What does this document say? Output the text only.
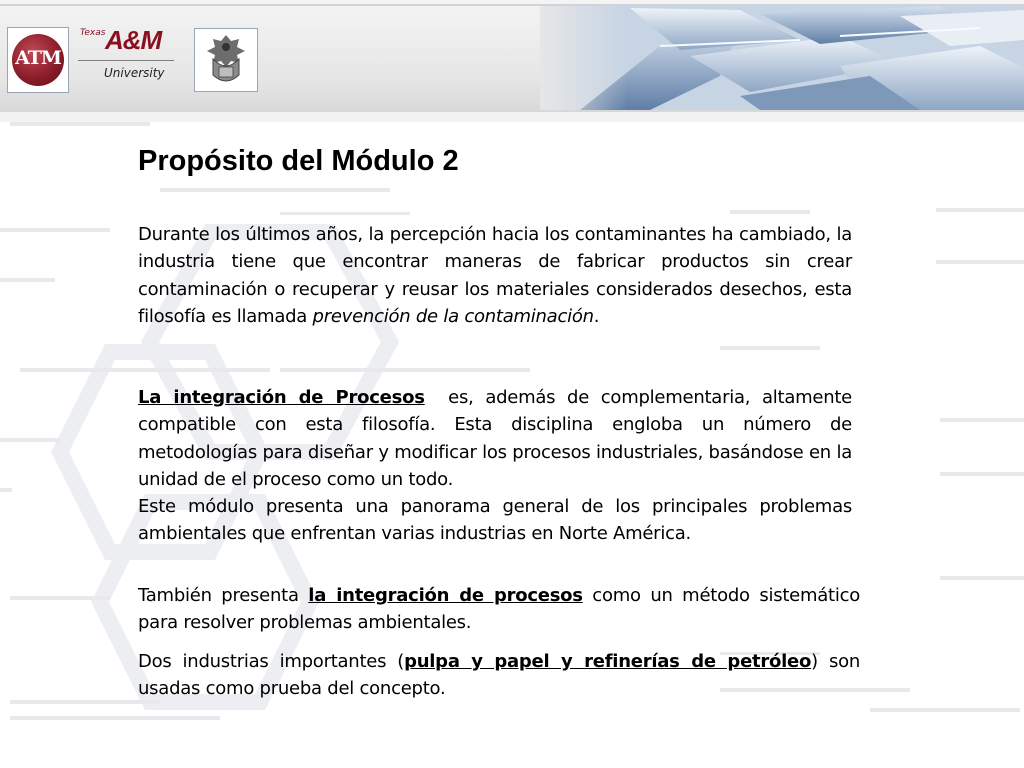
ATM
Texas A&M
University
Propósito del Módulo 2

Durante los últimos años, la percepción hacia los contaminantes ha cambiado, la industria tiene que encontrar maneras de fabricar productos sin crear contaminación o recuperar y reusar los materiales considerados desechos, esta filosofía es llamada prevención de la contaminación.

La integración de Procesos  es, además de complementaria, altamente compatible con esta filosofía. Esta disciplina engloba un número de metodologías para diseñar y modificar los procesos industriales, basándose en la unidad de el proceso como un todo.

Este módulo presenta una panorama general de los principales problemas ambientales que enfrentan varias industrias en Norte América.

También presenta la integración de procesos como un método sistemático para resolver problemas ambientales.

Dos industrias importantes (pulpa y papel y refinerías de petróleo) son usadas como prueba del concepto.
